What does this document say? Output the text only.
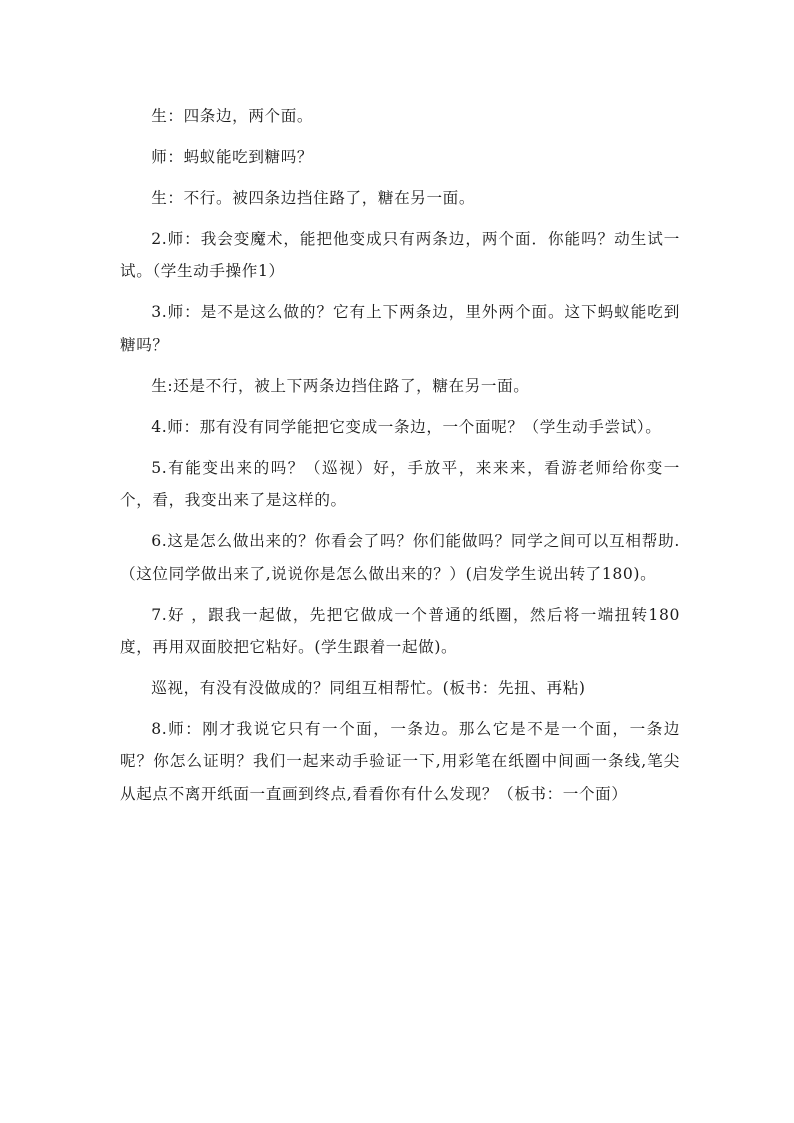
生：四条边，两个面。

师：蚂蚁能吃到糖吗？

生：不行。被四条边挡住路了，糖在另一面。

2.师：我会变魔术，能把他变成只有两条边，两个面．你能吗？动生试一试。（学生动手操作1）

3.师：是不是这么做的？它有上下两条边，里外两个面。这下蚂蚁能吃到糖吗？

生:还是不行，被上下两条边挡住路了，糖在另一面。

4.师：那有没有同学能把它变成一条边，一个面呢？（学生动手尝试）。

5.有能变出来的吗？（巡视）好，手放平，来来来，看游老师给你变一个，看，我变出来了是这样的。

6.这是怎么做出来的？你看会了吗？你们能做吗？同学之间可以互相帮助.（这位同学做出来了,说说你是怎么做出来的？）(启发学生说出转了180)。

7.好 ，跟我一起做，先把它做成一个普通的纸圈，然后将一端扭转180度，再用双面胶把它粘好。(学生跟着一起做)。

巡视，有没有没做成的？同组互相帮忙。(板书：先扭、再粘)

8.师：刚才我说它只有一个面，一条边。那么它是不是一个面，一条边呢？你怎么证明？我们一起来动手验证一下,用彩笔在纸圈中间画一条线,笔尖从起点不离开纸面一直画到终点,看看你有什么发现？（板书：一个面）
